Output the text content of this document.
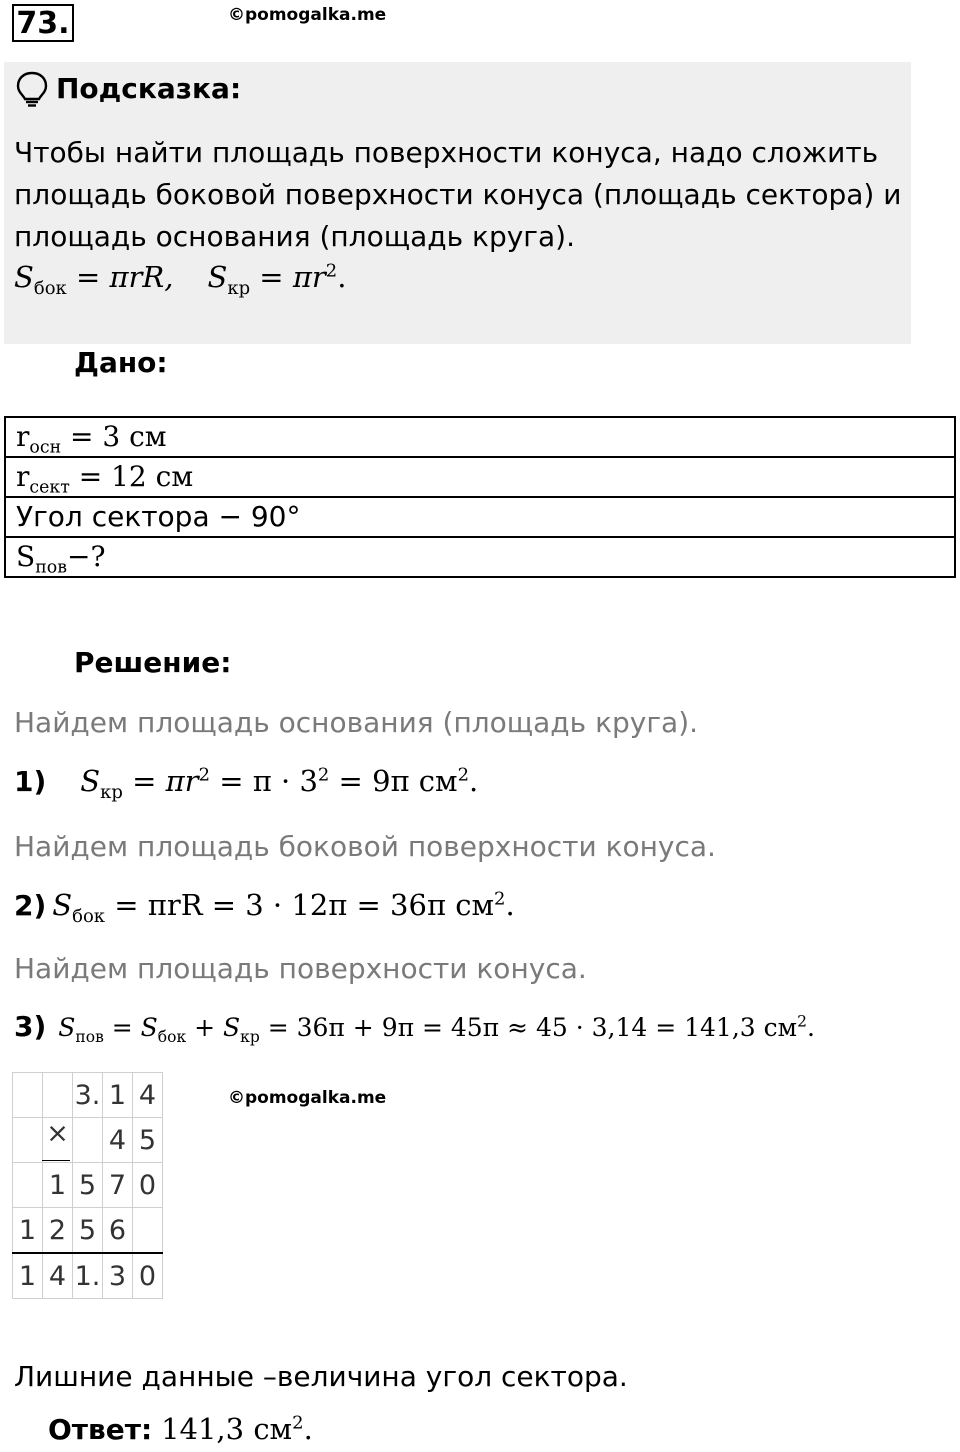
73.	©pomogalka.me
Подсказка:
Чтобы найти площадь поверхности конуса, надо сложить
площадь боковой поверхности конуса (площадь сектора) и
площадь основания (площадь круга).
$S_{бок} = \pi rR$, $S_{кр} = \pi r^2$.
Дано:
$r_{осн} = 3$ см
$r_{сект} = 12$ см
Угол сектора − 90°
$S_{пов}-$?
Решение:
Найдем площадь основания (площадь круга).
1) $S_{кр} = \pi r^2 = \pi \cdot 3^2 = 9\pi$ $см^2$.
Найдем площадь боковой поверхности конуса.
2) $S_{бок} = \pi rR = 3 \cdot 12\pi = 36\pi$ $см^2$.
Найдем площадь поверхности конуса.
3) $S_{пов} = S_{бок} + S_{кр} = 36\pi + 9\pi = 45\pi \approx 45 \cdot 3,14 = 141,3$ $см^2$.
		3.	1	4
	×		4	5
	1	5	7	0
1	2	5	6	
1	4	1.	3	0
©pomogalka.me
Лишние данные –величина угол сектора.
Ответ: 141,3 $см^2$.
